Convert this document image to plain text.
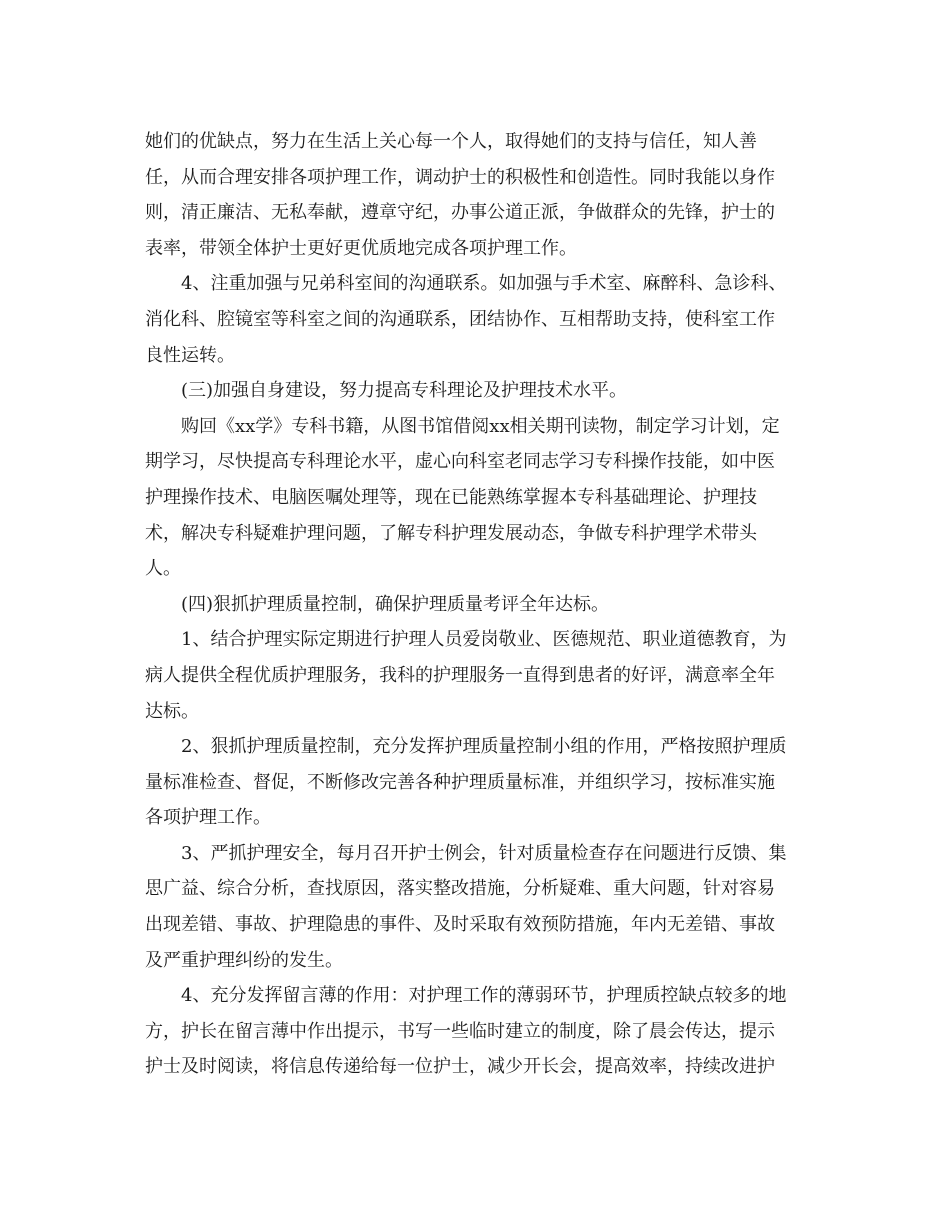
她们的优缺点，努力在生活上关心每一个人，取得她们的支持与信任，知人善
任，从而合理安排各项护理工作，调动护士的积极性和创造性。同时我能以身作
则，清正廉洁、无私奉献，遵章守纪，办事公道正派，争做群众的先锋，护士的
表率，带领全体护士更好更优质地完成各项护理工作。
4、注重加强与兄弟科室间的沟通联系。如加强与手术室、麻醉科、急诊科、
消化科、腔镜室等科室之间的沟通联系，团结协作、互相帮助支持，使科室工作
良性运转。
(三)加强自身建设，努力提高专科理论及护理技术水平。
购回《xx学》专科书籍，从图书馆借阅xx相关期刊读物，制定学习计划，定
期学习，尽快提高专科理论水平，虚心向科室老同志学习专科操作技能，如中医
护理操作技术、电脑医嘱处理等，现在已能熟练掌握本专科基础理论、护理技
术，解决专科疑难护理问题，了解专科护理发展动态，争做专科护理学术带头
人。
(四)狠抓护理质量控制，确保护理质量考评全年达标。
1、结合护理实际定期进行护理人员爱岗敬业、医德规范、职业道德教育，为
病人提供全程优质护理服务，我科的护理服务一直得到患者的好评，满意率全年
达标。
2、狠抓护理质量控制，充分发挥护理质量控制小组的作用，严格按照护理质
量标准检查、督促，不断修改完善各种护理质量标准，并组织学习，按标准实施
各项护理工作。
3、严抓护理安全，每月召开护士例会，针对质量检查存在问题进行反馈、集
思广益、综合分析，查找原因，落实整改措施，分析疑难、重大问题，针对容易
出现差错、事故、护理隐患的事件、及时采取有效预防措施，年内无差错、事故
及严重护理纠纷的发生。
4、充分发挥留言薄的作用：对护理工作的薄弱环节，护理质控缺点较多的地
方，护长在留言薄中作出提示，书写一些临时建立的制度，除了晨会传达，提示
护士及时阅读，将信息传递给每一位护士，减少开长会，提高效率，持续改进护
